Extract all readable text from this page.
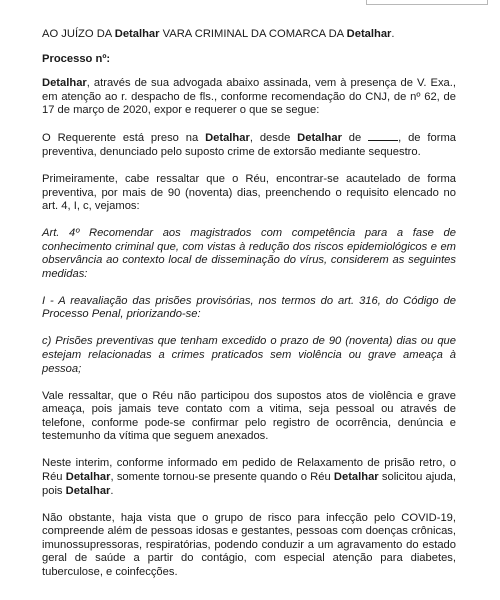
AO JUÍZO DA Detalhar VARA CRIMINAL DA COMARCA DA Detalhar.

Processo nº:

Detalhar, através de sua advogada abaixo assinada, vem à presença de V. Exa., em atenção ao r. despacho de fls., conforme recomendação do CNJ, de nº 62, de 17 de março de 2020, expor e requerer o que se segue:

O Requerente está preso na Detalhar, desde Detalhar de	, de forma preventiva, denunciado pelo suposto crime de extorsão mediante sequestro.

Primeiramente, cabe ressaltar que o Réu, encontrar-se acautelado de forma preventiva, por mais de 90 (noventa) dias, preenchendo o requisito elencado no art. 4, I, c, vejamos:

Art. 4º Recomendar aos magistrados com competência para a fase de conhecimento criminal que, com vistas à redução dos riscos epidemiológicos e em observância ao contexto local de disseminação do vírus, considerem as seguintes medidas:

I - A reavaliação das prisões provisórias, nos termos do art. 316, do Código de Processo Penal, priorizando-se:

c) Prisões preventivas que tenham excedido o prazo de 90 (noventa) dias ou que estejam relacionadas a crimes praticados sem violência ou grave ameaça à pessoa;

Vale ressaltar, que o Réu não participou dos supostos atos de violência e grave ameaça, pois jamais teve contato com a vitima, seja pessoal ou através de telefone, conforme pode-se confirmar pelo registro de ocorrência, denúncia e testemunho da vítima que seguem anexados.

Neste interim, conforme informado em pedido de Relaxamento de prisão retro, o Réu Detalhar, somente tornou-se presente quando o Réu Detalhar solicitou ajuda, pois Detalhar.

Não obstante, haja vista que o grupo de risco para infecção pelo COVID-19, compreende além de pessoas idosas e gestantes, pessoas com doenças crônicas, imunossupressoras, respiratórias, podendo conduzir a um agravamento do estado geral de saúde a partir do contágio, com especial atenção para diabetes, tuberculose, e coinfecções.
